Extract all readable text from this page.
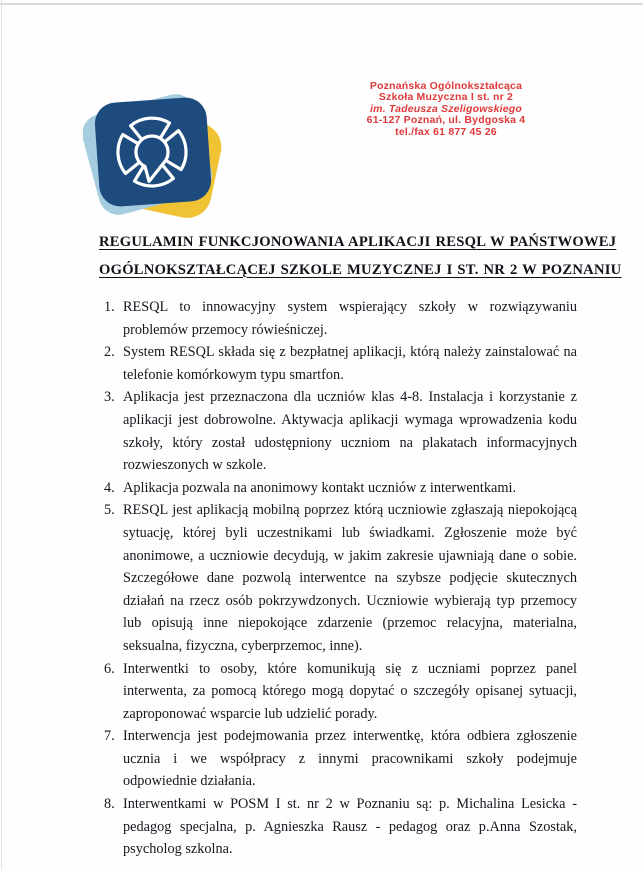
Poznańska Ogólnokształcąca
Szkoła Muzyczna I st. nr 2
im. Tadeusza Szeligowskiego
61-127 Poznań, ul. Bydgoska 4
tel./fax 61 877 45 26
REGULAMIN FUNKCJONOWANIA APLIKACJI RESQL W PAŃSTWOWEJ
OGÓLNOKSZTAŁCĄCEJ SZKOLE MUZYCZNEJ I ST. NR 2 W POZNANIU
1. RESQL to innowacyjny system wspierający szkoły w rozwiązywaniu problemów przemocy rówieśniczej.
2. System RESQL składa się z bezpłatnej aplikacji, którą należy zainstalować na telefonie komórkowym typu smartfon.
3. Aplikacja jest przeznaczona dla uczniów klas 4-8. Instalacja i korzystanie z aplikacji jest dobrowolne. Aktywacja aplikacji wymaga wprowadzenia kodu szkoły, który został udostępniony uczniom na plakatach informacyjnych rozwieszonych w szkole.
4. Aplikacja pozwala na anonimowy kontakt uczniów z interwentkami.
5. RESQL jest aplikacją mobilną poprzez którą uczniowie zgłaszają niepokojącą sytuację, której byli uczestnikami lub świadkami. Zgłoszenie może być anonimowe, a uczniowie decydują, w jakim zakresie ujawniają dane o sobie. Szczegółowe dane pozwolą interwentce na szybsze podjęcie skutecznych działań na rzecz osób pokrzywdzonych. Uczniowie wybierają typ przemocy lub opisują inne niepokojące zdarzenie (przemoc relacyjna, materialna, seksualna, fizyczna, cyberprzemoc, inne).
6. Interwentki to osoby, które komunikują się z uczniami poprzez panel interwenta, za pomocą którego mogą dopytać o szczegóły opisanej sytuacji, zaproponować wsparcie lub udzielić porady.
7. Interwencja jest podejmowania przez interwentkę, która odbiera zgłoszenie ucznia i we współpracy z innymi pracownikami szkoły podejmuje odpowiednie działania.
8. Interwentkami w POSM I st. nr 2 w Poznaniu są: p. Michalina Lesicka - pedagog specjalna, p. Agnieszka Rausz - pedagog oraz p.Anna Szostak, psycholog szkolna.
